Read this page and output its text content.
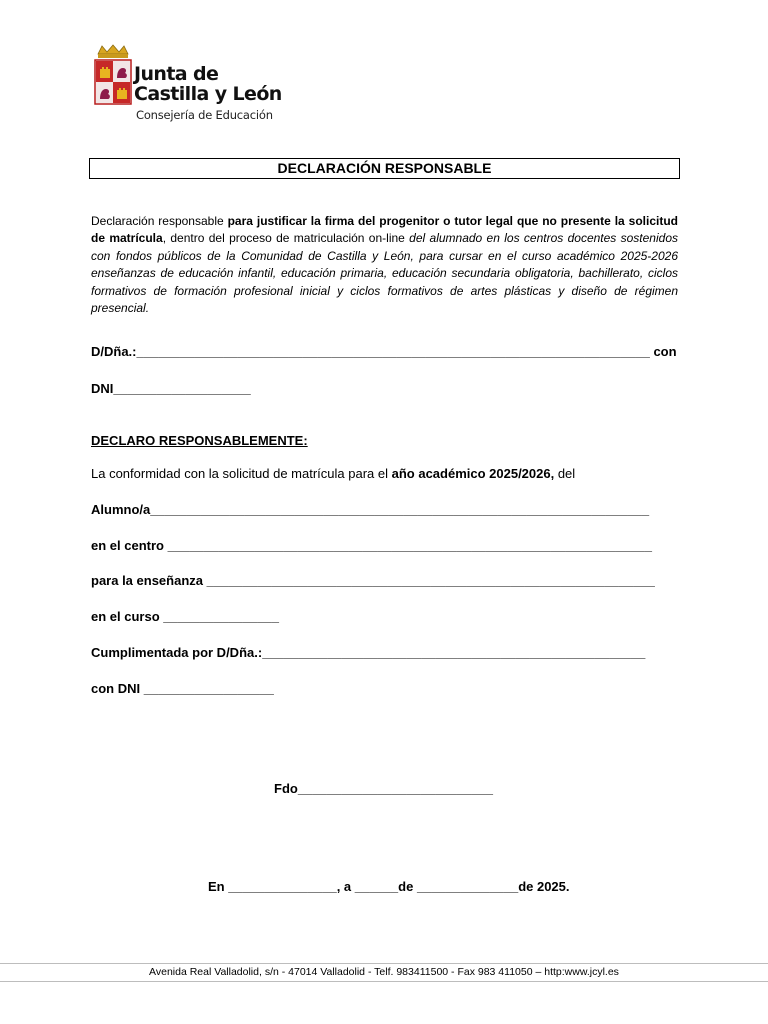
Junta de
Castilla y León
Consejería de Educación
DECLARACIÓN RESPONSABLE
Declaración responsable para justificar la firma del progenitor o tutor legal que no presente la solicitud de matrícula, dentro del proceso de matriculación on-line del alumnado en los centros docentes sostenidos con fondos públicos de la Comunidad de Castilla y León, para cursar en el curso académico 2025-2026 enseñanzas de educación infantil, educación primaria, educación secundaria obligatoria, bachillerato, ciclos formativos de formación profesional inicial y ciclos formativos de artes plásticas y diseño de régimen presencial.
D/Dña.:_______________________________________________________________________ con
DNI___________________
DECLARO RESPONSABLEMENTE:
La conformidad con la solicitud de matrícula para el año académico 2025/2026, del
Alumno/a_____________________________________________________________________
en el centro ___________________________________________________________________
para la enseñanza ______________________________________________________________
en el curso ________________
Cumplimentada por D/Dña.:_____________________________________________________
con DNI __________________
Fdo___________________________
En _______________, a ______de ______________de 2025.
Avenida Real Valladolid, s/n - 47014 Valladolid - Telf. 983411500 - Fax 983 411050 – http:www.jcyl.es
